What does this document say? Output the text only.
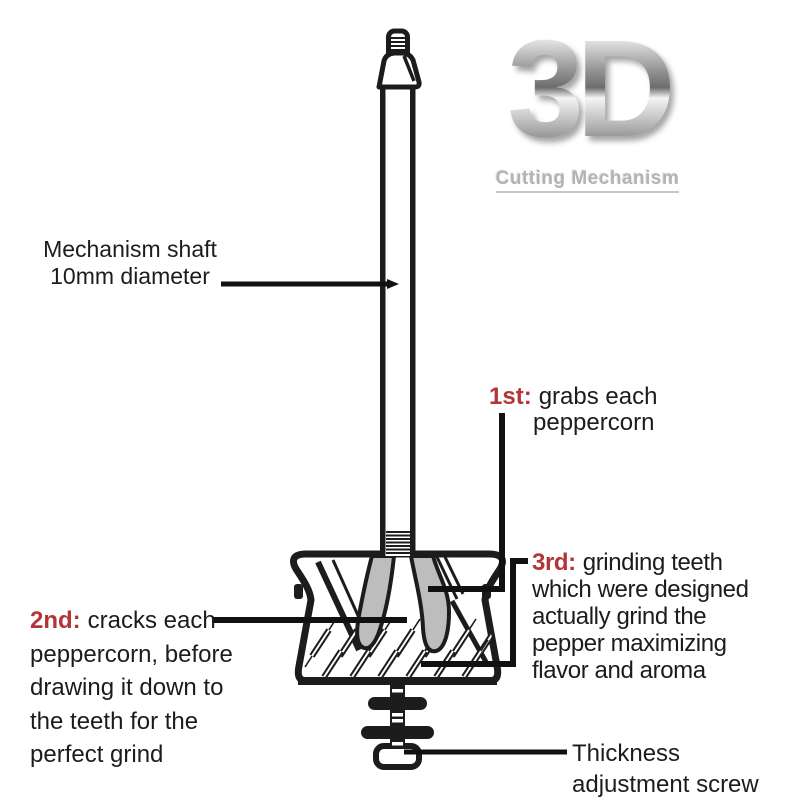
3D
Cutting Mechanism
Mechanism shaft
10mm diameter
1st: grabs each
peppercorn
2nd: cracks each
peppercorn, before
drawing it down to
the teeth for the
perfect grind
3rd: grinding teeth
which were designed
actually grind the
pepper maximizing
flavor and aroma
Thickness
adjustment screw
